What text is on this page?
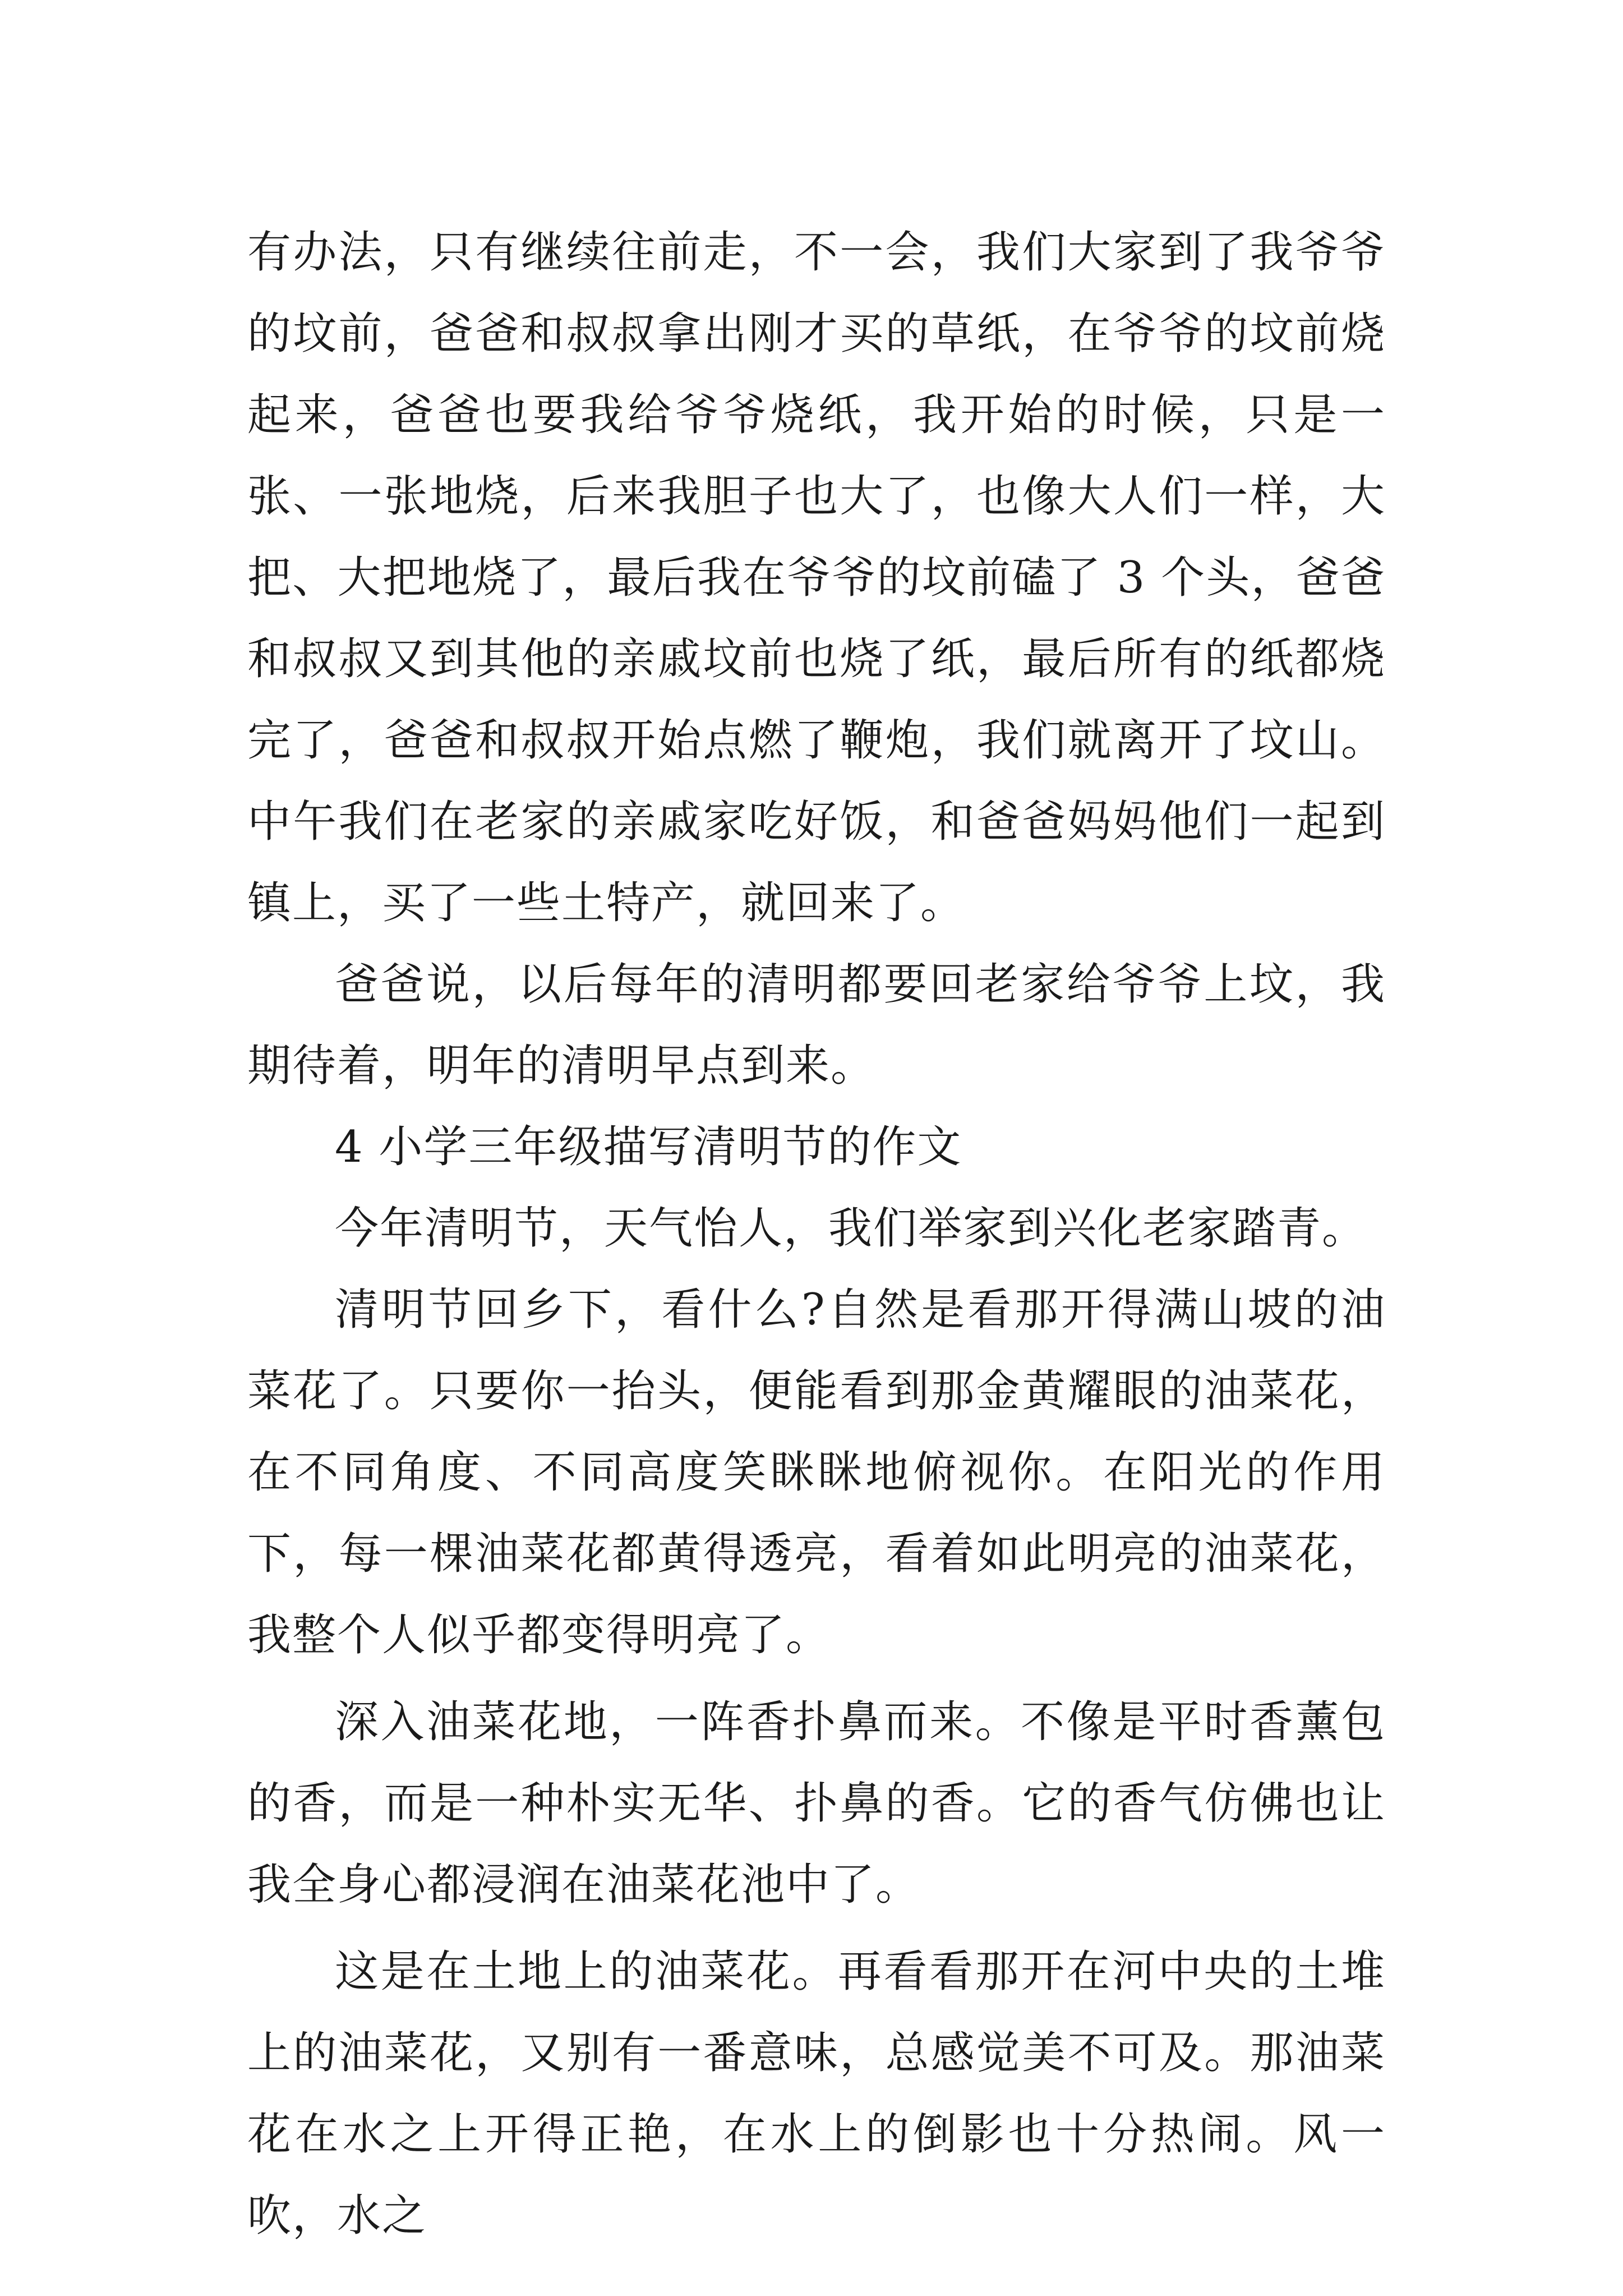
有办法，只有继续往前走，不一会，我们大家到了我爷爷的坟前，爸爸和叔叔拿出刚才买的草纸，在爷爷的坟前烧起来，爸爸也要我给爷爷烧纸，我开始的时候，只是一张、一张地烧，后来我胆子也大了，也像大人们一样，大把、大把地烧了，最后我在爷爷的坟前磕了 3 个头，爸爸和叔叔又到其他的亲戚坟前也烧了纸，最后所有的纸都烧完了，爸爸和叔叔开始点燃了鞭炮，我们就离开了坟山。中午我们在老家的亲戚家吃好饭，和爸爸妈妈他们一起到镇上，买了一些土特产，就回来了。

爸爸说，以后每年的清明都要回老家给爷爷上坟，我期待着，明年的清明早点到来。

4 小学三年级描写清明节的作文

今年清明节，天气怡人，我们举家到兴化老家踏青。

清明节回乡下，看什么?自然是看那开得满山坡的油菜花了。只要你一抬头，便能看到那金黄耀眼的油菜花，在不同角度、不同高度笑眯眯地俯视你。在阳光的作用下，每一棵油菜花都黄得透亮，看着如此明亮的油菜花，我整个人似乎都变得明亮了。

深入油菜花地，一阵香扑鼻而来。不像是平时香薰包的香，而是一种朴实无华、扑鼻的香。它的香气仿佛也让我全身心都浸润在油菜花池中了。

这是在土地上的油菜花。再看看那开在河中央的土堆上的油菜花，又别有一番意味，总感觉美不可及。那油菜花在水之上开得正艳，在水上的倒影也十分热闹。风一吹，水之
